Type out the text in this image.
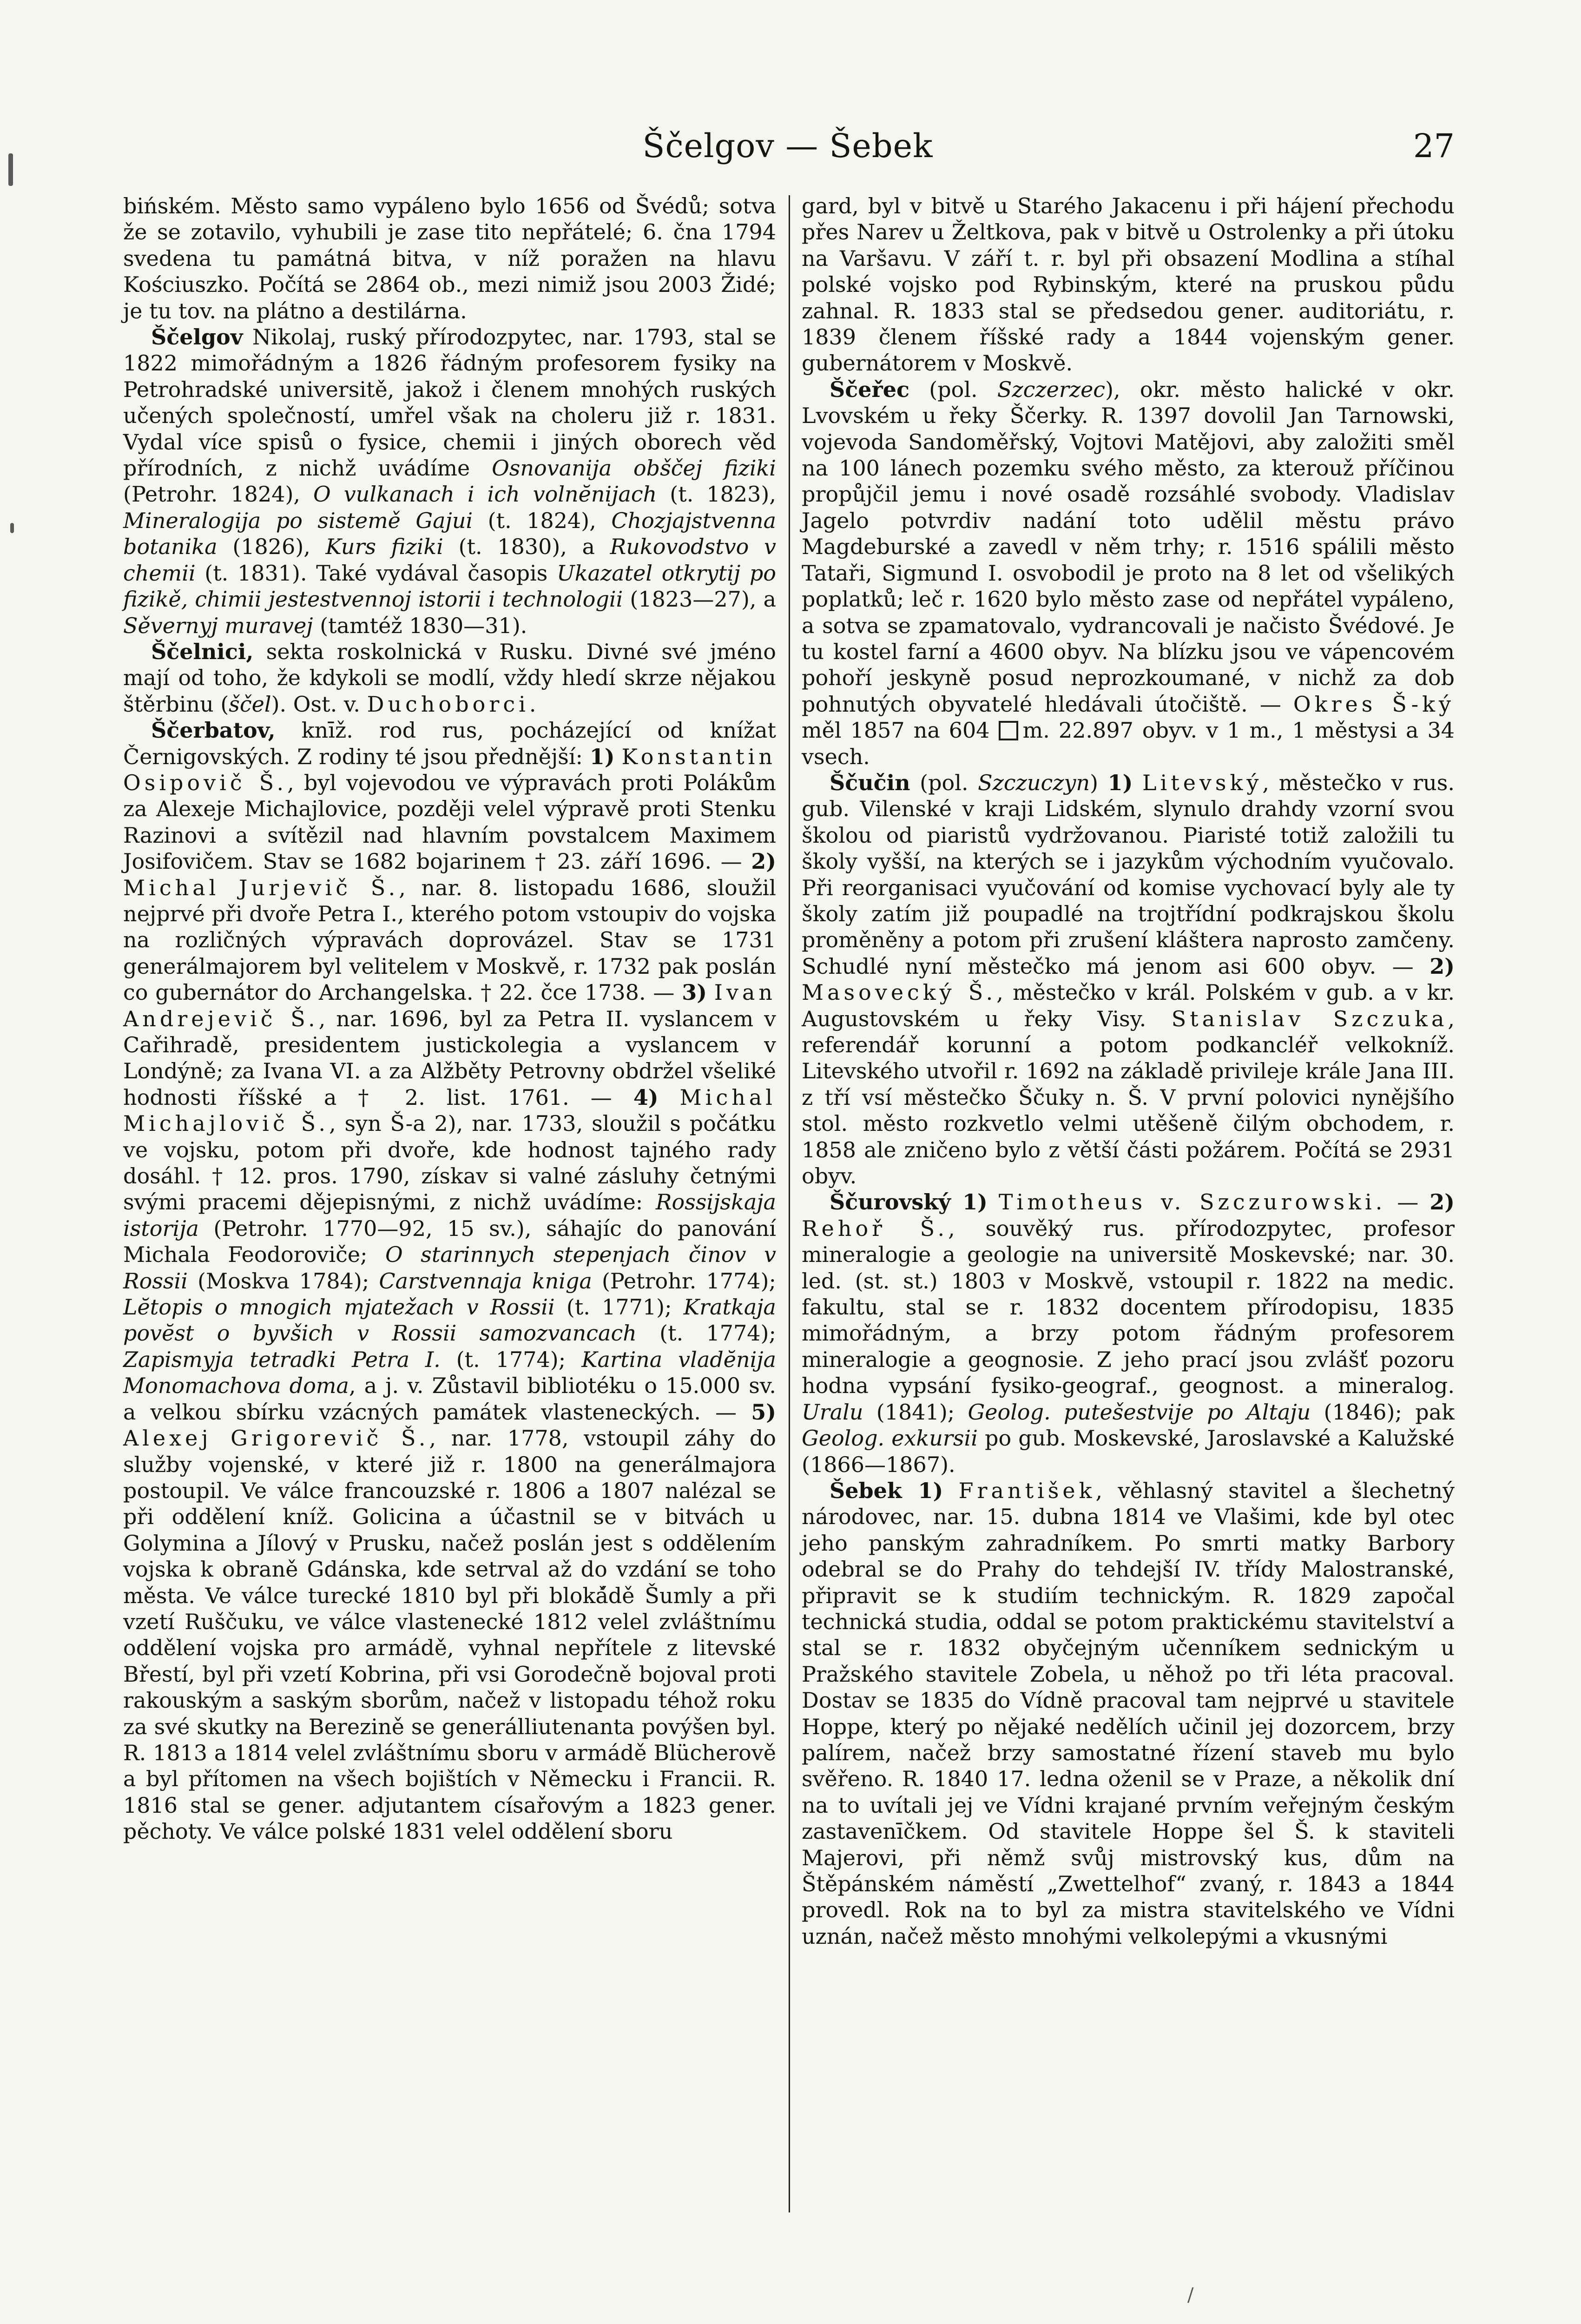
Ščelgov — Šebek	27

bińském. Město samo vypáleno bylo 1656 od Švédů; sotva že se zotavilo, vyhubili je zase tito nepřátelé; 6. čna 1794 svedena tu památná bitva, v níž poražen na hlavu Kościuszko. Počítá se 2864 ob., mezi nimiž jsou 2003 Židé; je tu tov. na plátno a destilárna.

Ščelgov Nikolaj, ruský přírodozpytec, nar. 1793, stal se 1822 mimořádným a 1826 řádným profesorem fysiky na Petrohradské universitě, jakož i členem mnohých ruských učených společností, umřel však na choleru již r. 1831. Vydal více spisů o fysice, chemii i jiných oborech věd přírodních, z nichž uvádíme Osnovanija obščej fiziki (Petrohr. 1824), O vulkanach i ich volnĕnijach (t. 1823), Mineralogija po sistemě Gajui (t. 1824), Chozjajstvenna botanika (1826), Kurs fiziki (t. 1830), a Rukovodstvo v chemii (t. 1831). Také vydával časopis Ukazatel otkrytij po fizikě, chimii jestestvennoj istorii i technologii (1823—27), a Sěvernyj muravej (tamtéž 1830—31).

Ščelnici, sekta roskolnická v Rusku. Divné své jméno mají od toho, že kdykoli se modlí, vždy hledí skrze nějakou štěrbinu (ščel). Ost. v. Duchoborci.

Ščerbatov, knīž. rod rus, pocházející od knížat Černigovských. Z rodiny té jsou přednější: 1) Konstantin Osipovič Š., byl vojevodou ve výpravách proti Polákům za Alexeje Michajlovice, později velel výpravě proti Stenku Razinovi a svítězil nad hlavním povstalcem Maximem Josifovičem. Stav se 1682 bojarinem † 23. září 1696. — 2) Michal Jurjevič Š., nar. 8. listopadu 1686, sloužil nejprvé při dvoře Petra I., kterého potom vstoupiv do vojska na rozličných výpravách doprovázel. Stav se 1731 generálmajorem byl velitelem v Moskvě, r. 1732 pak poslán co gubernátor do Archangelska. † 22. čce 1738. — 3) Ivan Andrejevič Š., nar. 1696, byl za Petra II. vyslancem v Cařihradě, presidentem justickolegia a vyslancem v Londýně; za Ivana VI. a za Alžběty Petrovny obdržel všeliké hodnosti říšské a † 2. list. 1761. — 4) Michal Michajlovič Š., syn Š-a 2), nar. 1733, sloužil s počátku ve vojsku, potom při dvoře, kde hodnost tajného rady dosáhl. † 12. pros. 1790, získav si valné zásluhy četnými svými pracemi dějepisnými, z nichž uvádíme: Rossijskaja istorija (Petrohr. 1770—92, 15 sv.), sáhajíc do panování Michala Feodoroviče; O starinnych stepenjach činov v Rossii (Moskva 1784); Carstvennaja kniga (Petrohr. 1774); Lĕtopis o mnogich mjatežach v Rossii (t. 1771); Kratkaja povĕst o byvšich v Rossii samozvancach (t. 1774); Zapismyja tetradki Petra I. (t. 1774); Kartina vladĕnija Monomachova doma, a j. v. Zůstavil bibliotéku o 15.000 sv. a velkou sbírku vzácných památek vlasteneckých. — 5) Alexej Grigorevič Š., nar. 1778, vstoupil záhy do služby vojenské, v které již r. 1800 na generálmajora postoupil. Ve válce francouzské r. 1806 a 1807 nalézal se při oddělení kníž. Golicina a účastnil se v bitvách u Golymina a Jílový v Prusku, načež poslán jest s oddělením vojska k obraně Gdánska, kde setrval až do vzdání se toho města. Ve válce turecké 1810 byl při bloká̌dě Šumly a při vzetí Ruščuku, ve válce vlastenecké 1812 velel zvláštnímu oddělení vojska pro armádě, vyhnal nepřítele z litevské Břestí, byl při vzetí Kobrina, při vsi Gorodečně bojoval proti rakouským a saským sborům, načež v listopadu téhož roku za své skutky na Berezině se generálliutenanta povýšen byl. R. 1813 a 1814 velel zvláštnímu sboru v armádě Blücherově a byl přítomen na všech bojištích v Německu i Francii. R. 1816 stal se gener. adjutantem císařovým a 1823 gener. pěchoty. Ve válce polské 1831 velel oddělení sboru

gard, byl v bitvě u Starého Jakacenu i při hájení přechodu přes Narev u Želtkova, pak v bitvě u Ostrolenky a při útoku na Varšavu. V září t. r. byl při obsazení Modlina a stíhal polské vojsko pod Rybinským, které na pruskou půdu zahnal. R. 1833 stal se předsedou gener. auditoriátu, r. 1839 členem říšské rady a 1844 vojenským gener. gubernátorem v Moskvě.

Ščeřec (pol. Szczerzec), okr. město halické v okr. Lvovském u řeky Ščerky. R. 1397 dovolil Jan Tarnowski, vojevoda Sandoměřský, Vojtovi Matějovi, aby založiti směl na 100 lánech pozemku svého město, za kterouž příčinou propůjčil jemu i nové osadě rozsáhlé svobody. Vladislav Jagelo potvrdiv nadání toto udělil městu právo Magdeburské a zavedl v něm trhy; r. 1516 spálili město Tataři, Sigmund I. osvobodil je proto na 8 let od všelikých poplatků; leč r. 1620 bylo město zase od nepřátel vypáleno, a sotva se zpamatovalo, vydrancovali je načisto Švédové. Je tu kostel farní a 4600 obyv. Na blízku jsou ve vápencovém pohoří jeskyně posud neprozkoumané, v nichž za dob pohnutých obyvatelé hledávali útočiště. — Okres Š-ký měl 1857 na 604 m. 22.897 obyv. v 1 m., 1 městysi a 34 vsech.

Ščučin (pol. Szczuczyn) 1) Litevský, městečko v rus. gub. Vilenské v kraji Lidském, slynulo drahdy vzorní svou školou od piaristů vydržovanou. Piaristé totiž založili tu školy vyšší, na kterých se i jazykům východním vyučovalo. Při reorganisaci vyučování od komise vychovací byly ale ty školy zatím již poupadlé na trojtřídní podkrajskou školu proměněny a potom při zrušení kláštera naprosto zamčeny. Schudlé nyní městečko má jenom asi 600 obyv. — 2) Masovecký Š., městečko v král. Polském v gub. a v kr. Augustovském u řeky Visy. Stanislav Szczuka, referendář korunní a potom podkancléř velkokníž. Litevského utvořil r. 1692 na základě privileje krále Jana III. z tří vsí městečko Ščuky n. Š. V první polovici nynějšího stol. město rozkvetlo velmi utěšeně čilým obchodem, r. 1858 ale zničeno bylo z větší části požárem. Počítá se 2931 obyv.

Ščurovský 1) Timotheus v. Szczurowski. — 2) Rehoř Š., souvěký rus. přírodozpytec, profesor mineralogie a geologie na universitě Moskevské; nar. 30. led. (st. st.) 1803 v Moskvě, vstoupil r. 1822 na medic. fakultu, stal se r. 1832 docentem přírodopisu, 1835 mimořádným, a brzy potom řádným profesorem mineralogie a geognosie. Z jeho prací jsou zvlášť pozoru hodna vypsání fysiko-geograf., geognost. a mineralog. Uralu (1841); Geolog. putešestvije po Altaju (1846); pak Geolog. exkursii po gub. Moskevské, Jaroslavské a Kalužské (1866—1867).

Šebek 1) František, věhlasný stavitel a šlechetný národovec, nar. 15. dubna 1814 ve Vlašimi, kde byl otec jeho panským zahradníkem. Po smrti matky Barbory odebral se do Prahy do tehdejší IV. třídy Malostranské, připravit se k studiím technickým. R. 1829 započal technická studia, oddal se potom praktickému stavitelství a stal se r. 1832 obyčejným učenníkem sednickým u Pražského stavitele Zobela, u něhož po tři léta pracoval. Dostav se 1835 do Vídně pracoval tam nejprvé u stavitele Hoppe, který po nějaké nedělích učinil jej dozorcem, brzy palírem, načež brzy samostatné řízení staveb mu bylo svěřeno. R. 1840 17. ledna oženil se v Praze, a několik dní na to uvítali jej ve Vídni krajané prvním veřejným českým zastavenīčkem. Od stavitele Hoppe šel Š. k staviteli Majerovi, při němž svůj mistrovský kus, dům na Štěpánském náměstí „Zwettelhof“ zvaný, r. 1843 a 1844 provedl. Rok na to byl za mistra stavitelského ve Vídni uznán, načež město mnohými velkolepými a vkusnými

/
